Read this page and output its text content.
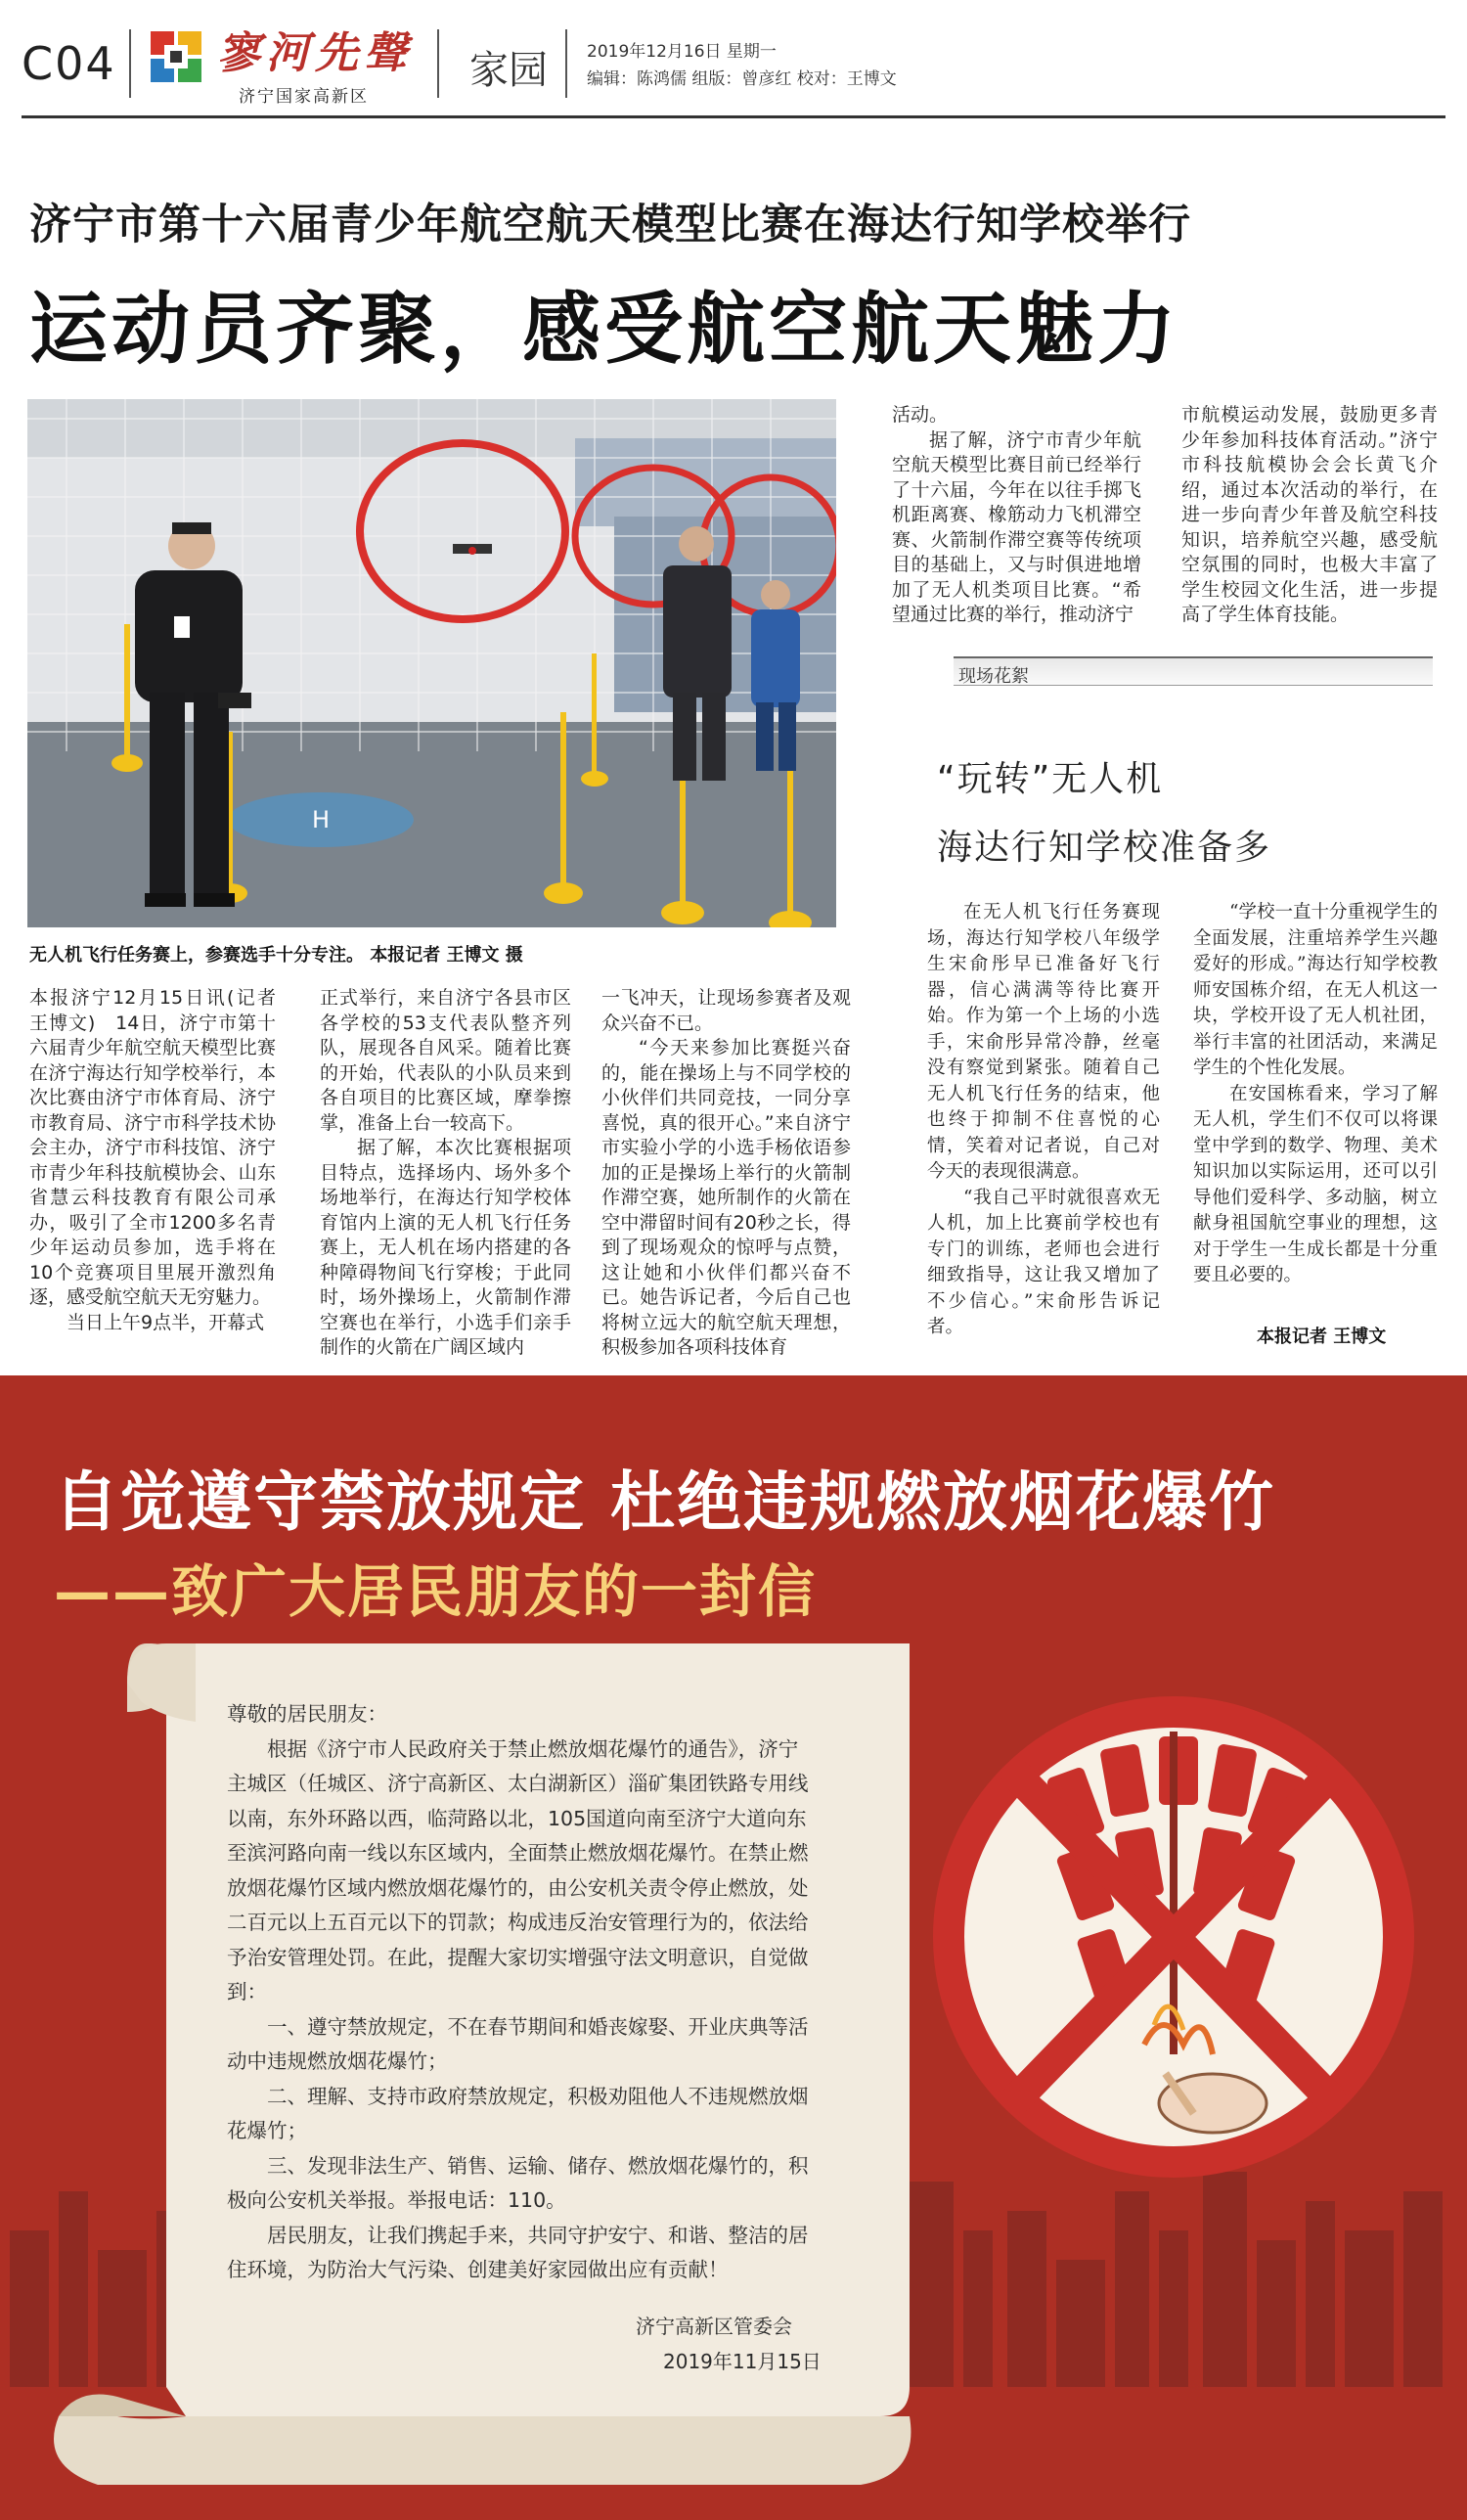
C04 寥河先聲
济宁国家高新区
家园 2019年12月16日 星期一
编辑：陈鸿儒 组版：曾彦红 校对：王博文
济宁市第十六届青少年航空航天模型比赛在海达行知学校举行
运动员齐聚，感受航空航天魅力
H
无人机飞行任务赛上，参赛选手十分专注。 本报记者 王博文 摄

本报济宁12月15日讯(记者　王博文)　14日，济宁市第十六届青少年航空航天模型比赛在济宁海达行知学校举行，本次比赛由济宁市体育局、济宁市教育局、济宁市科学技术协会主办，济宁市科技馆、济宁市青少年科技航模协会、山东省慧云科技教育有限公司承办，吸引了全市1200多名青少年运动员参加，选手将在10个竞赛项目里展开激烈角逐，感受航空航天无穷魅力。

当日上午9点半，开幕式

正式举行，来自济宁各县市区各学校的53支代表队整齐列队，展现各自风采。随着比赛的开始，代表队的小队员来到各自项目的比赛区域，摩拳擦掌，准备上台一较高下。

据了解，本次比赛根据项目特点，选择场内、场外多个场地举行，在海达行知学校体育馆内上演的无人机飞行任务赛上，无人机在场内搭建的各种障碍物间飞行穿梭；于此同时，场外操场上，火箭制作滞空赛也在举行，小选手们亲手制作的火箭在广阔区域内

一飞冲天，让现场参赛者及观众兴奋不已。

“今天来参加比赛挺兴奋的，能在操场上与不同学校的小伙伴们共同竞技，一同分享喜悦，真的很开心。”来自济宁市实验小学的小选手杨依语参加的正是操场上举行的火箭制作滞空赛，她所制作的火箭在空中滞留时间有20秒之长，得到了现场观众的惊呼与点赞，这让她和小伙伴们都兴奋不已。她告诉记者，今后自己也将树立远大的航空航天理想，积极参加各项科技体育

活动。

据了解，济宁市青少年航空航天模型比赛目前已经举行了十六届，今年在以往手掷飞机距离赛、橡筋动力飞机滞空赛、火箭制作滞空赛等传统项目的基础上，又与时俱进地增加了无人机类项目比赛。“希望通过比赛的举行，推动济宁

市航模运动发展，鼓励更多青少年参加科技体育活动。”济宁市科技航模协会会长黄飞介绍，通过本次活动的举行，在进一步向青少年普及航空科技知识，培养航空兴趣，感受航空氛围的同时，也极大丰富了学生校园文化生活，进一步提高了学生体育技能。

现场花絮
“玩转”无人机
海达行知学校准备多

在无人机飞行任务赛现场，海达行知学校八年级学生宋俞彤早已准备好飞行器，信心满满等待比赛开始。作为第一个上场的小选手，宋俞彤异常冷静，丝毫没有察觉到紧张。随着自己无人机飞行任务的结束，他也终于抑制不住喜悦的心情，笑着对记者说，自己对今天的表现很满意。

“我自己平时就很喜欢无人机，加上比赛前学校也有专门的训练，老师也会进行细致指导，这让我又增加了不少信心。”宋俞彤告诉记者。

“学校一直十分重视学生的全面发展，注重培养学生兴趣爱好的形成。”海达行知学校教师安国栋介绍，在无人机这一块，学校开设了无人机社团，举行丰富的社团活动，来满足学生的个性化发展。

在安国栋看来，学习了解无人机，学生们不仅可以将课堂中学到的数学、物理、美术知识加以实际运用，还可以引导他们爱科学、多动脑，树立献身祖国航空事业的理想，这对于学生一生成长都是十分重要且必要的。

本报记者 王博文
自觉遵守禁放规定 杜绝违规燃放烟花爆竹
——致广大居民朋友的一封信

尊敬的居民朋友：

根据《济宁市人民政府关于禁止燃放烟花爆竹的通告》，济宁主城区（任城区、济宁高新区、太白湖新区）淄矿集团铁路专用线以南，东外环路以西，临菏路以北，105国道向南至济宁大道向东至滨河路向南一线以东区域内，全面禁止燃放烟花爆竹。在禁止燃放烟花爆竹区域内燃放烟花爆竹的，由公安机关责令停止燃放，处二百元以上五百元以下的罚款；构成违反治安管理行为的，依法给予治安管理处罚。在此，提醒大家切实增强守法文明意识，自觉做到：

一、遵守禁放规定，不在春节期间和婚丧嫁娶、开业庆典等活动中违规燃放烟花爆竹；

二、理解、支持市政府禁放规定，积极劝阻他人不违规燃放烟花爆竹；

三、发现非法生产、销售、运输、储存、燃放烟花爆竹的，积极向公安机关举报。举报电话：110。

居民朋友，让我们携起手来，共同守护安宁、和谐、整洁的居住环境，为防治大气污染、创建美好家园做出应有贡献！

济宁高新区管委会
2019年11月15日
